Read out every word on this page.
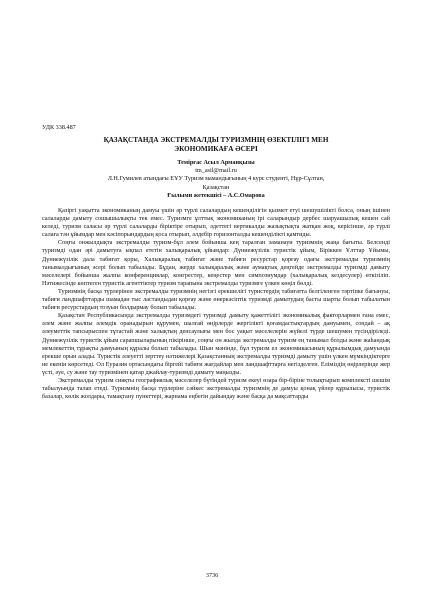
УДК 338.487
ҚАЗАҚСТАНДА ЭКСТРЕМАЛДЫ ТУРИЗМНІҢ ӨЗЕКТІЛІГІ МЕН
ЭКОНОМИКАҒА ӘСЕРІ
Темірғас Асыл Арманқызы
tm_asil@mail.ru
Л.Н.Гумилев атындағы ЕҰУ Туризм мамандығының 4 курс студенті, Нұр-Сұлтан,
Қазақстан
Ғылыми жетекшісі – А.С.Омарова

Қазіргі уақытта экономиканың дамуы үшін әр түрлі салалардың кешенділігін қызмет етуі шешушілікті болса, оның ішінен салаларды дамыту сошышылықты тек емес. Туризмге ұлттық экономиканың ірі саларындыр дербес шаруашылық кешен сай келеді, туризм саласы әр түрлі салаларды біріктіре отырып, әдеттегі вертикалды жазықтықта жатқан жоқ, керісінше, әр түрлі салаға тән ұйымдар мен кәсіпорындардың қоса отырып, әлдебір горизонталды кешенділікті қамтиды.

Соңғы онжылдықта экстремалды туризм-бұл әлем бойынша кең таралған заманауи туризмнің жаңа бағыты. Белсенді туризмді одан әрі дамытуға ықпал ететін халықаралық ұйымдар: Дүниежүзілік туристік ұйым, Біріккен Ұлттар Ұйымы, Дүниежүзілік дала табиғат қоры, Халықаралық табиғат және табиғи ресурстар қорғау одағы экстремалды туризмнің танымалдығының әсері болып табылады. Бұдан, жерде халықаралық және аумақтық деңгейде экстремалды туризмді дамыту мәселелері бойынша жалпы конференциялар, конгрестер, кеңестер мен симпозиумдар (халықаралық кездесулер) өткізіліп. Нәтижесінде көптеген туристік агенттіктер туризм тарапына экстремалды туризмге үлкен көңіл бөлді.

Туризмнің басқа түрлерінен экстремалды туризмнің негізгі ерекшелігі туристердің табиғатта белгіленген тәртіпке бағынуы, табиғи ландшафттарды шамадан тыс ластандыдан қорғау және өнеркәсіптік туризмді дамытудың басты шарты болып табылатын табиғи ресурстардың тозуын болдырмау болып табылады.

Қазақстан Республикасында экстремалды туризмдегі туризмді дамыту қажеттілігі экономикалық факторлармен ғана емес, әлем және жалпы әлемдік оранадырын құрумен, шалғай өңірлерде жергілікті қоғамдастықтардың дамуымен, сондай – ақ әлеуметтік тапсырыспен тұтастай және халықтың денсаулығы мен бос уақыт мәселелерін жүйелі түрде шешумен түсіндіріледі. Дүниежүзілік туристік ұйым сарапшыларының пікірінше, соңғы он жылда экстремалды туризм ең танымал болды және жаһандық мемлекеттің тұрақты дамуының құралы болып табылады. Шын мәнінде, бұл туризм ел экономикасының құрылымдық дамуында ерекше орын алады. Туристік әлеуетті зерттеу нәтижелері Қазақстанның экстремалды туризмді дамыту үшін үлкен мүмкіндіктерге ие екенін көрсетеді. Ол Еуразия ортасындағы біргейі табиғи жағдайлар мен ландшафттарға негізделген. Еліміздің өңірлерінде жер үсті, әуе, су және тау туризмінен қатар джайлау-туризмді дамыту маңызды.

Экстремалды туризм сияқты географиялық мәселелер бүтіндей туризм екеуі өзара бір-біріне толықтырып комплексті шешім табылуында талап етеді. Туризмнің басқа түрлеріне сәйкес экстремалды туризмнің де дамуы қонақ үйлер құрылысы, туристік базалар, көлік жолдары, тамақтану пункттері, жарнама еңбегін дайындау және басқа да мақсаттарды

3736
